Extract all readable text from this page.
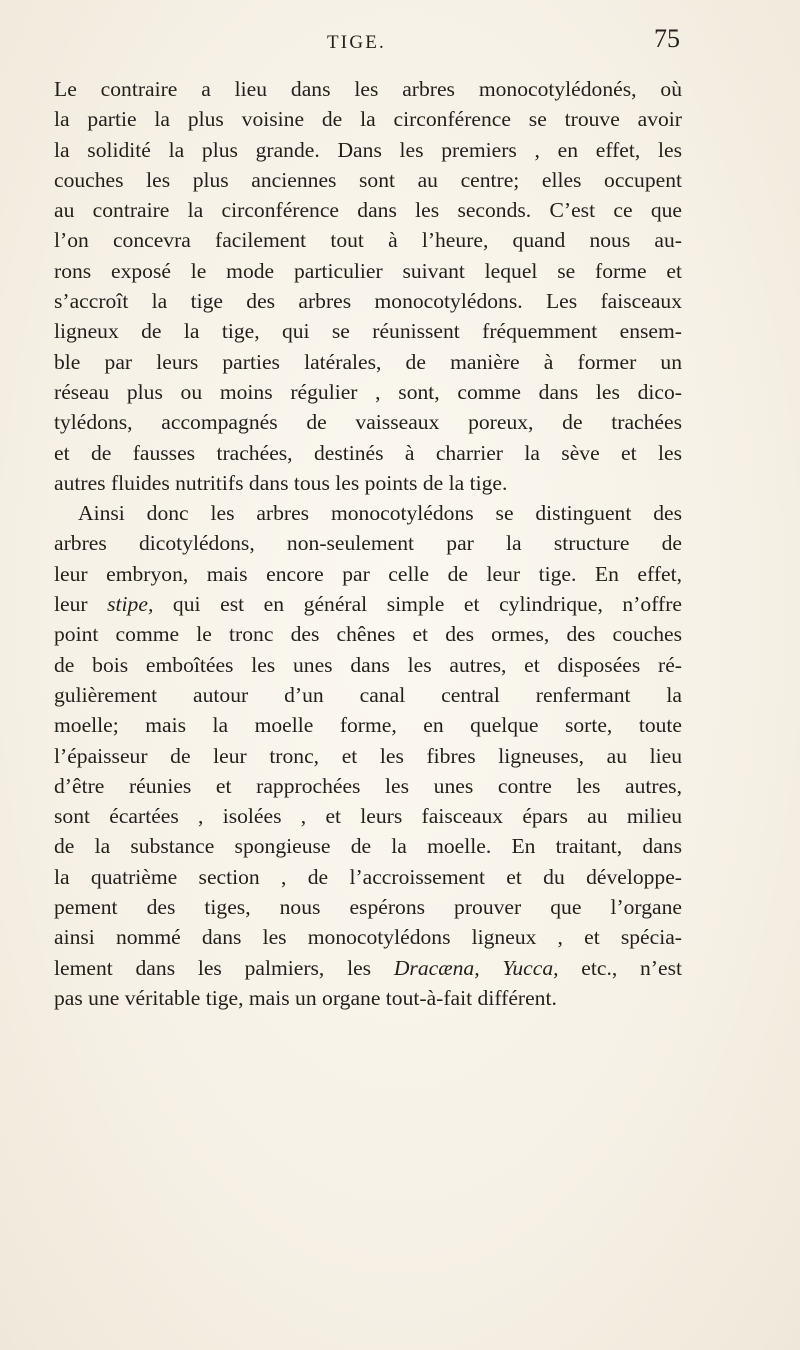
TIGE.	75
Le contraire a lieu dans les arbres monocotylédonés, où
la partie la plus voisine de la circonférence se trouve avoir
la solidité la plus grande. Dans les premiers , en effet, les
couches les plus anciennes sont au centre; elles occupent
au contraire la circonférence dans les seconds. C’est ce que
l’on concevra facilement tout à l’heure, quand nous au-
rons exposé le mode particulier suivant lequel se forme et
s’accroît la tige des arbres monocotylédons. Les faisceaux
ligneux de la tige, qui se réunissent fréquemment ensem-
ble par leurs parties latérales, de manière à former un
réseau plus ou moins régulier , sont, comme dans les dico-
tylédons, accompagnés de vaisseaux poreux, de trachées
et de fausses trachées, destinés à charrier la sève et les
autres fluides nutritifs dans tous les points de la tige.
Ainsi donc les arbres monocotylédons se distinguent des
arbres dicotylédons, non-seulement par la structure de
leur embryon, mais encore par celle de leur tige. En effet,
leur stipe, qui est en général simple et cylindrique, n’offre
point comme le tronc des chênes et des ormes, des couches
de bois emboîtées les unes dans les autres, et disposées ré-
gulièrement autour d’un canal central renfermant la
moelle; mais la moelle forme, en quelque sorte, toute
l’épaisseur de leur tronc, et les fibres ligneuses, au lieu
d’être réunies et rapprochées les unes contre les autres,
sont écartées , isolées , et leurs faisceaux épars au milieu
de la substance spongieuse de la moelle. En traitant, dans
la quatrième section , de l’accroissement et du développe-
pement des tiges, nous espérons prouver que l’organe
ainsi nommé dans les monocotylédons ligneux , et spécia-
lement dans les palmiers, les Dracæna, Yucca, etc., n’est
pas une véritable tige, mais un organe tout-à-fait différent.
